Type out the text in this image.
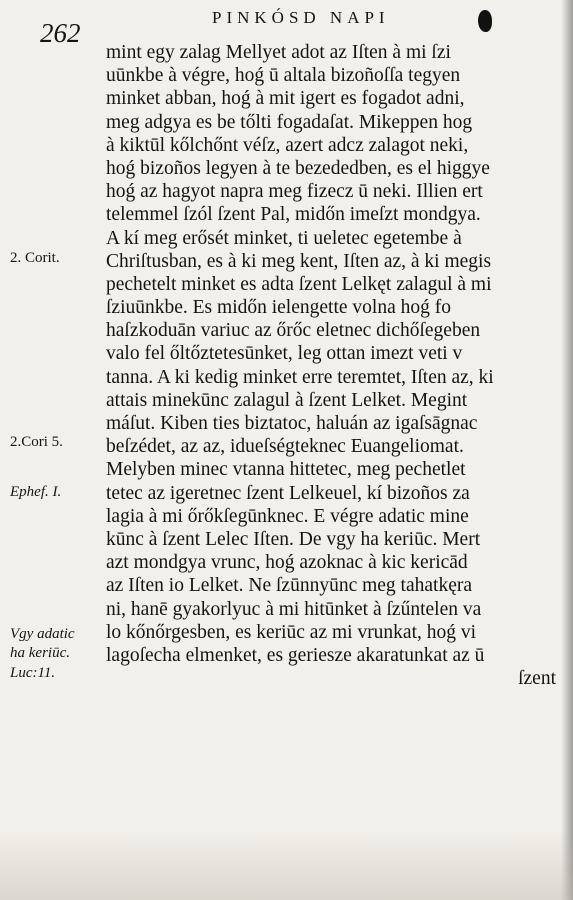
262
PINKÓSD NAPI
2. Corit.
2.Cori 5.
Ephef. I.
Vgy adatic
ha keriūc.
Luc:11.
mint egy zalag Mellyet adot az Iſten à mi ſzi
uūnkbe à végre, hoǵ ū altala bizoñoſſa tegyen
minket abban, hoǵ à mit igert es fogadot adni,
meg adgya es be tőlti fogadaſat. Mikeppen hog
à kiktūl kőlchőnt véſz, azert adcz zalagot neki,
hoǵ bizoños legyen à te bezededben, es el higgye
hoǵ az hagyot napra meg fizecz ū neki. Illien ert
telemmel ſzól ſzent Pal, midőn imeſzt mondgya.
A kí meg erősét minket, ti ueletec egetembe à
Chriſtusban, es à ki meg kent, Iſten az, à ki megis
pechetelt minket es adta ſzent Lelkęt zalagul à mi
ſziuūnkbe. Es midőn ielengette volna hoǵ fo
haſzkoduān variuc az őrőc eletnec dichőſegeben
valo fel őltőztetesūnket, leg ottan imezt veti v
tanna. A ki kedig minket erre teremtet, Iſten az, ki
attais minekūnc zalagul à ſzent Lelket. Megint
máſut. Kiben ties biztatoc, haluán az igaſsāgnac
beſzédet, az az, idueſségteknec Euangeliomat.
Melyben minec vtanna hittetec, meg pechetlet
tetec az igeretnec ſzent Lelkeuel, kí bizoños za
lagia à mi őrőkſegūnknec. E végre adatic mine
kūnc à ſzent Lelec Iſten. De vgy ha keriūc. Mert
azt mondgya vrunc, hoǵ azoknac à kic kericād
az Iſten io Lelket. Ne ſzūnnyūnc meg tahatkęra
ni, hanē gyakorlyuc à mi hitūnket à ſzűntelen va
lo kőnőrgesben, es keriūc az mi vrunkat, hoǵ vi
lagoſecha elmenket, es geriesze akaratunkat az ū
ſzent
